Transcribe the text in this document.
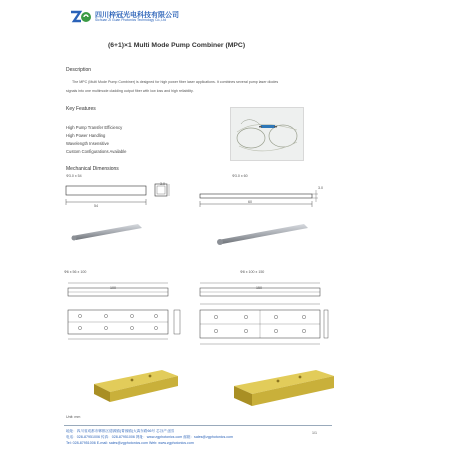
四川梓冠光电科技有限公司
Sichuan Zi Guan Photonics Technology Co.,Ltd
(6+1)×1 Multi Mode Pump Combiner (MPC)
Description
The MPC (Multi Mode Pump Combiner) is designed for high power fiber laser applications. It combines several pump laser diodes
signals into one multimode cladding output fiber with low loss and high reliability.
Key Features
High Pump Transfer Efficiency
High Power Handling
Wavelength Insensitive
Custom Configurations Available
Mechanical Dimensions
Φ3.0 x 54	Φ3.0 x 60
54
3.0
60
3.0
Ф6 x 56 x 100	Ф8 x 100 x 150
100	150
Unit: mm
地址：四川省成都市郫都区德源镇(菁蓉镇)大禹东路66号 芯谷产业园
电话：028-87951006 传真：028-87951006 网址：www.zgphotonics.com 邮箱：sales@zgphotonics.com
Tel: 028-87951006 E-mail: sales@zgphotonics.com Web: www.zgphotonics.com
1/1
